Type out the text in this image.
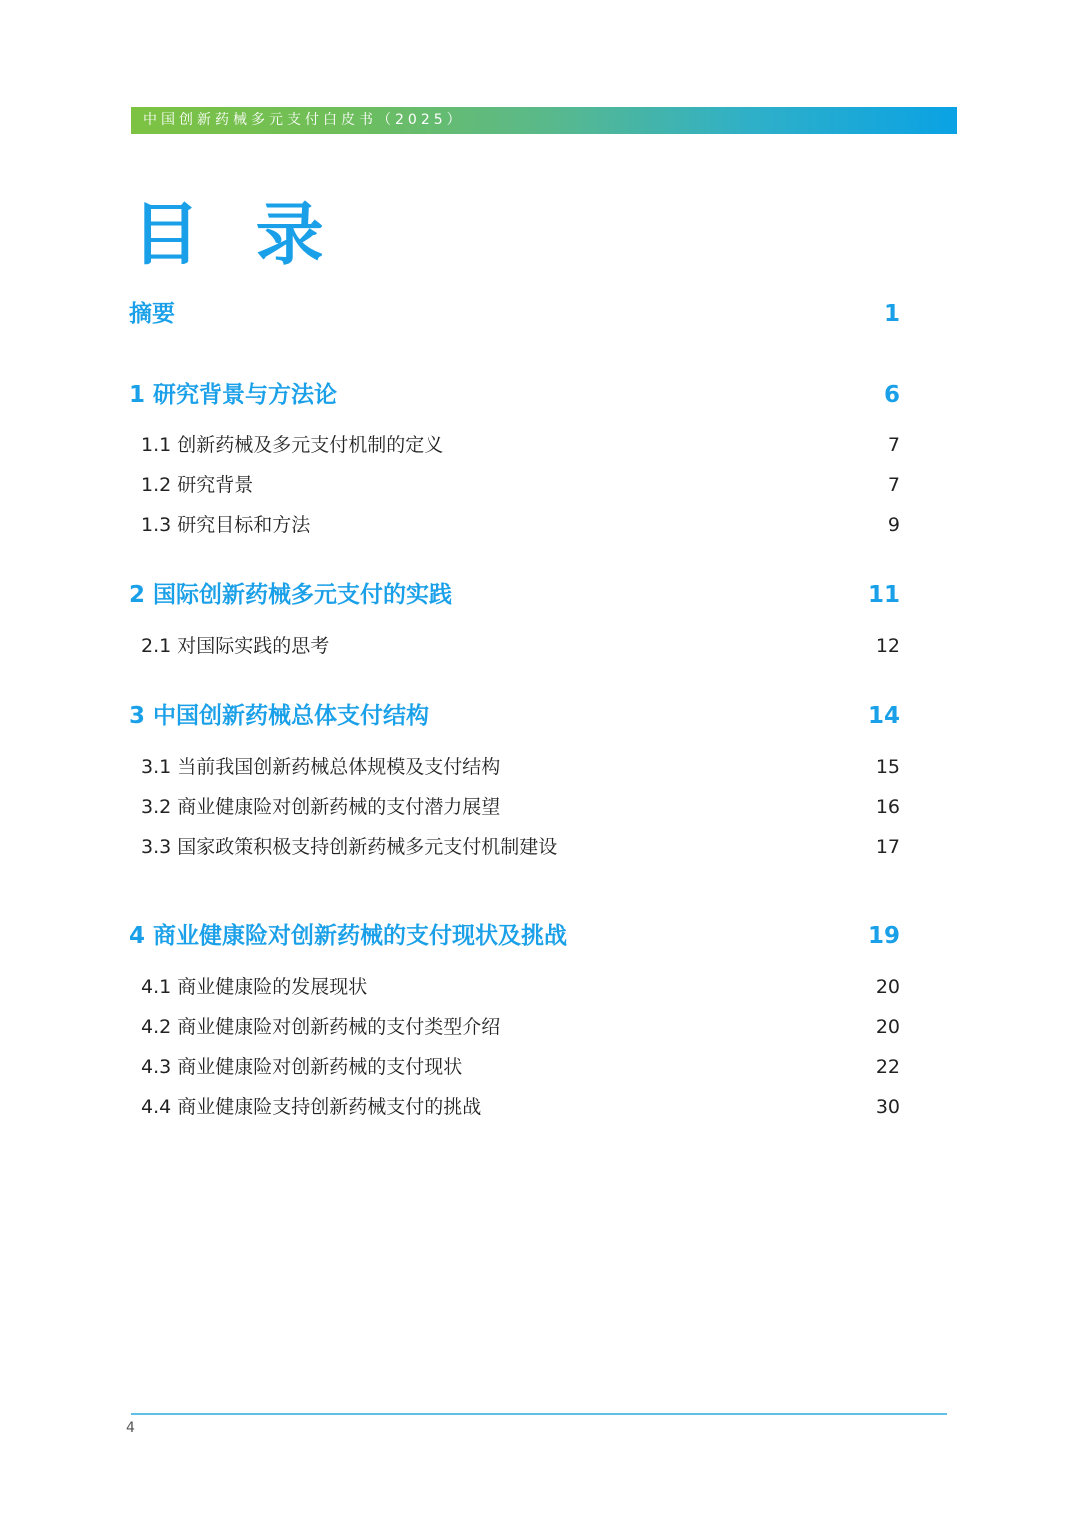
中国创新药械多元支付白皮书（2025）
目 录
摘要	1
1 研究背景与方法论	6
1.1 创新药械及多元支付机制的定义	7
1.2 研究背景	7
1.3 研究目标和方法	9
2 国际创新药械多元支付的实践	11
2.1 对国际实践的思考	12
3 中国创新药械总体支付结构	14
3.1 当前我国创新药械总体规模及支付结构	15
3.2 商业健康险对创新药械的支付潜力展望	16
3.3 国家政策积极支持创新药械多元支付机制建设	17
4 商业健康险对创新药械的支付现状及挑战	19
4.1 商业健康险的发展现状	20
4.2 商业健康险对创新药械的支付类型介绍	20
4.3 商业健康险对创新药械的支付现状	22
4.4 商业健康险支持创新药械支付的挑战	30
4
